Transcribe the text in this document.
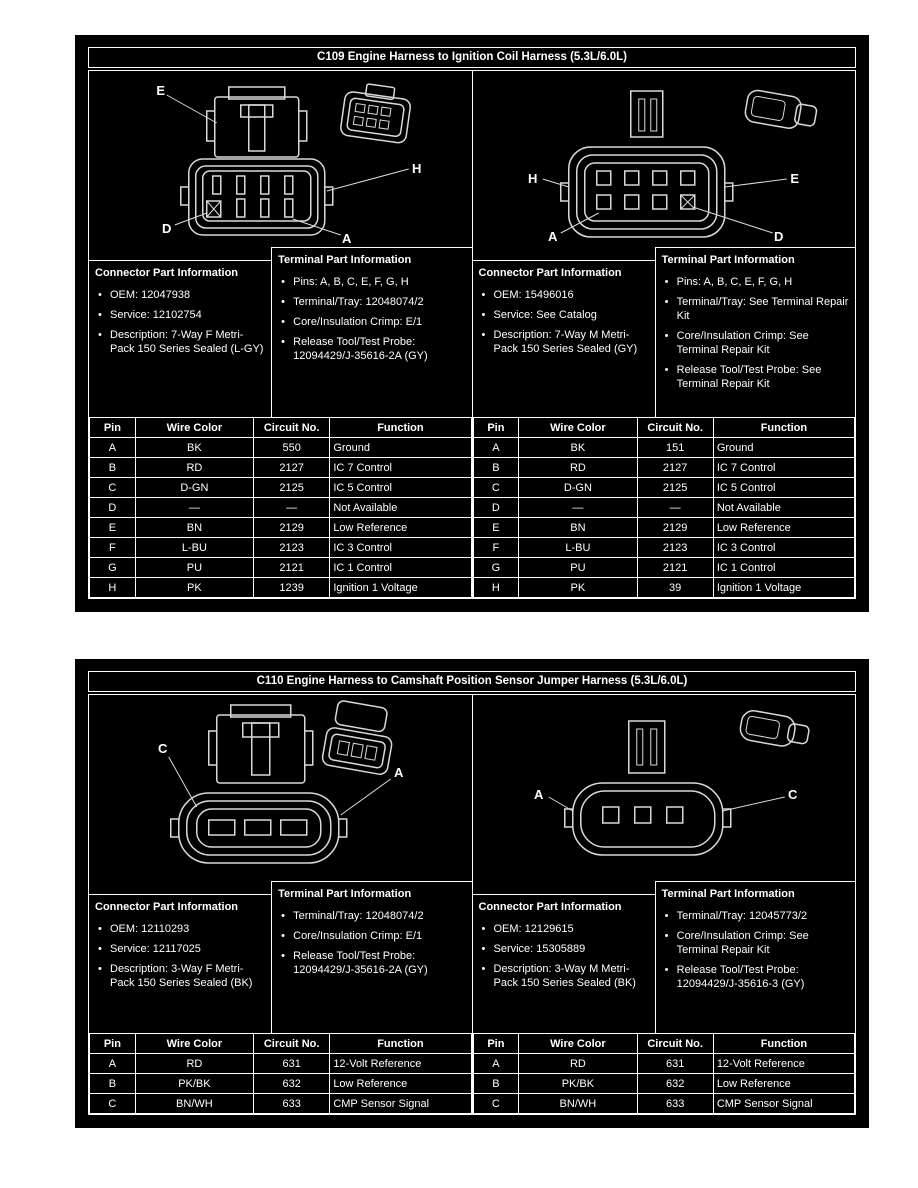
C109 Engine Harness to Ignition Coil Harness (5.3L/6.0L)
E
H
D
A
Connector Part Information
• OEM: 12047938
• Service: 12102754
• Description: 7-Way F Metri-Pack 150 Series Sealed (L-GY)
Terminal Part Information
• Pins: A, B, C, E, F, G, H
• Terminal/Tray: 12048074/2
• Core/Insulation Crimp: E/1
• Release Tool/Test Probe: 12094429/J-35616-2A (GY)
Pin	Wire Color	Circuit No.	Function
A	BK	550	Ground
B	RD	2127	IC 7 Control
C	D-GN	2125	IC 5 Control
D	—	—	Not Available
E	BN	2129	Low Reference
F	L-BU	2123	IC 3 Control
G	PU	2121	IC 1 Control
H	PK	1239	Ignition 1 Voltage
H	E
A	D
Connector Part Information
• OEM: 15496016
• Service: See Catalog
• Description: 7-Way M Metri-Pack 150 Series Sealed (GY)
Terminal Part Information
• Pins: A, B, C, E, F, G, H
• Terminal/Tray: See Terminal Repair Kit
• Core/Insulation Crimp: See Terminal Repair Kit
• Release Tool/Test Probe: See Terminal Repair Kit
Pin	Wire Color	Circuit No.	Function
A	BK	151	Ground
B	RD	2127	IC 7 Control
C	D-GN	2125	IC 5 Control
D	—	—	Not Available
E	BN	2129	Low Reference
F	L-BU	2123	IC 3 Control
G	PU	2121	IC 1 Control
H	PK	39	Ignition 1 Voltage
C110 Engine Harness to Camshaft Position Sensor Jumper Harness (5.3L/6.0L)
C
A
Connector Part Information
• OEM: 12110293
• Service: 12117025
• Description: 3-Way F Metri-Pack 150 Series Sealed (BK)
Terminal Part Information
• Terminal/Tray: 12048074/2
• Core/Insulation Crimp: E/1
• Release Tool/Test Probe: 12094429/J-35616-2A (GY)
Pin	Wire Color	Circuit No.	Function
A	RD	631	12-Volt Reference
B	PK/BK	632	Low Reference
C	BN/WH	633	CMP Sensor Signal
A	C
Connector Part Information
• OEM: 12129615
• Service: 15305889
• Description: 3-Way M Metri-Pack 150 Series Sealed (BK)
Terminal Part Information
• Terminal/Tray: 12045773/2
• Core/Insulation Crimp: See Terminal Repair Kit
• Release Tool/Test Probe: 12094429/J-35616-3 (GY)
Pin	Wire Color	Circuit No.	Function
A	RD	631	12-Volt Reference
B	PK/BK	632	Low Reference
C	BN/WH	633	CMP Sensor Signal
